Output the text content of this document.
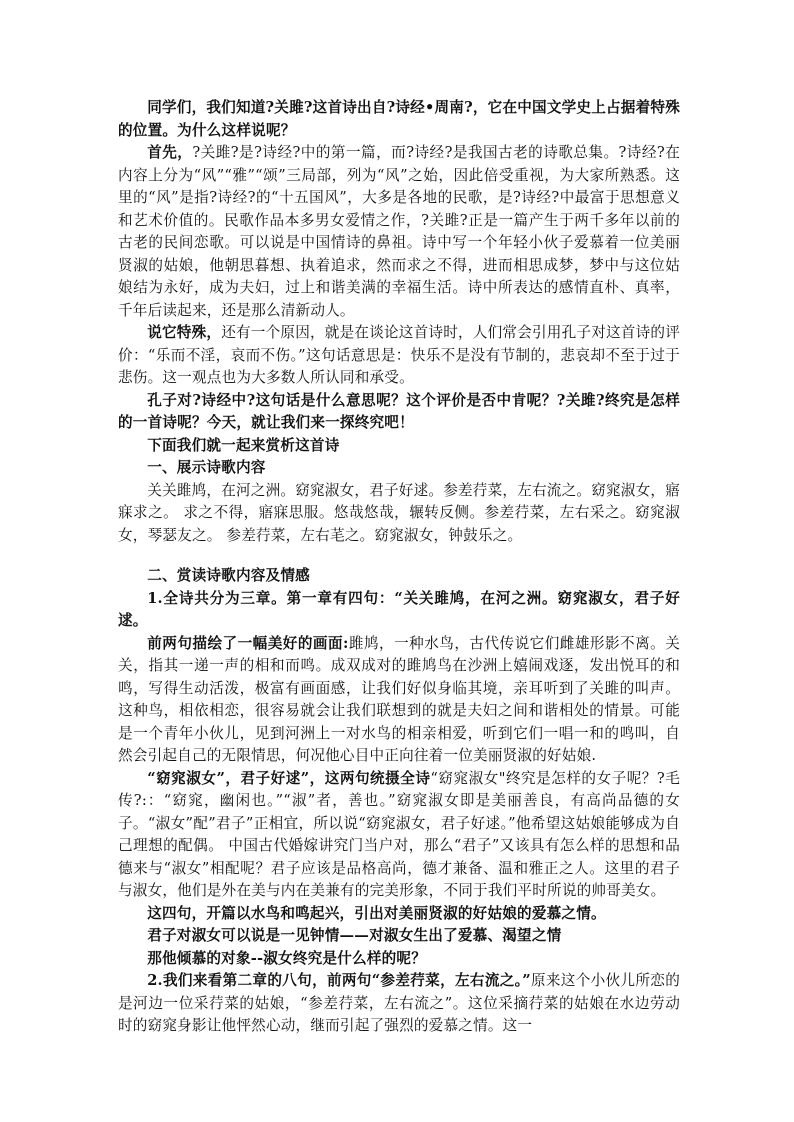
同学们，我们知道?关雎?这首诗出自?诗经•周南?，它在中国文学史上占据着特殊的位置。为什么这样说呢？

首先，?关雎?是?诗经?中的第一篇，而?诗经?是我国古老的诗歌总集。?诗经?在内容上分为“风”“雅”“颂”三局部，列为“风”之始，因此倍受重视，为大家所熟悉。这里的“风”是指?诗经?的“十五国风”，大多是各地的民歌，是?诗经?中最富于思想意义和艺术价值的。民歌作品本多男女爱情之作，?关雎?正是一篇产生于两千多年以前的古老的民间恋歌。可以说是中国情诗的鼻祖。诗中写一个年轻小伙子爱慕着一位美丽贤淑的姑娘，他朝思暮想、执着追求，然而求之不得，进而相思成梦，梦中与这位姑娘结为永好，成为夫妇，过上和谐美满的幸福生活。诗中所表达的感情直朴、真率，千年后读起来，还是那么清新动人。

说它特殊，还有一个原因，就是在谈论这首诗时，人们常会引用孔子对这首诗的评价：“乐而不淫，哀而不伤。”这句话意思是：快乐不是没有节制的，悲哀却不至于过于悲伤。这一观点也为大多数人所认同和承受。

孔子对?诗经中?这句话是什么意思呢？这个评价是否中肯呢？?关雎?终究是怎样的一首诗呢？今天，就让我们来一探终究吧！

下面我们就一起来赏析这首诗

一、展示诗歌内容

关关雎鸠，在河之洲。窈窕淑女，君子好逑。参差荇菜，左右流之。窈窕淑女，寤寐求之。 求之不得，寤寐思服。悠哉悠哉，辗转反侧。参差荇菜，左右采之。窈窕淑女，琴瑟友之。 参差荇菜，左右芼之。窈窕淑女，钟鼓乐之。

二、赏读诗歌内容及情感

1.全诗共分为三章。第一章有四句：“关关雎鸠，在河之洲。窈窕淑女，君子好逑。

前两句描绘了一幅美好的画面:雎鸠，一种水鸟，古代传说它们雌雄形影不离。关关，指其一递一声的相和而鸣。成双成对的雎鸠鸟在沙洲上嬉闹戏逐，发出悦耳的和鸣，写得生动活泼，极富有画面感，让我们好似身临其境，亲耳听到了关雎的叫声。这种鸟，相依相恋，很容易就会让我们联想到的就是夫妇之间和谐相处的情景。可能是一个青年小伙儿，见到河洲上一对水鸟的相亲相爱，听到它们一唱一和的鸣叫，自然会引起自己的无限情思，何况他心目中正向往着一位美丽贤淑的好姑娘.

“窈窕淑女”，君子好逑”，这两句统摄全诗“窈窕淑女"终究是怎样的女子呢？?毛传?:：“窈窕，幽闲也。”“淑”者，善也。”窈窕淑女即是美丽善良，有高尚品德的女子。“淑女”配”君子”正相宜，所以说“窈窕淑女，君子好逑。”他希望这姑娘能够成为自己理想的配偶。 中国古代婚嫁讲究门当户对，那么“君子”又该具有怎么样的思想和品德来与“淑女”相配呢？君子应该是品格高尚，德才兼备、温和雅正之人。这里的君子与淑女，他们是外在美与内在美兼有的完美形象，不同于我们平时所说的帅哥美女。

这四句，开篇以水鸟和鸣起兴，引出对美丽贤淑的好姑娘的爱慕之情。

君子对淑女可以说是一见钟情——对淑女生出了爱慕、渴望之情

那他倾慕的对象--淑女终究是什么样的呢？

2.我们来看第二章的八句，前两句“参差荇菜，左右流之。”原来这个小伙儿所恋的是河边一位采荇菜的姑娘，“参差荇菜，左右流之”。这位采摘荇菜的姑娘在水边劳动时的窈窕身影让他怦然心动，继而引起了强烈的爱慕之情。这一
